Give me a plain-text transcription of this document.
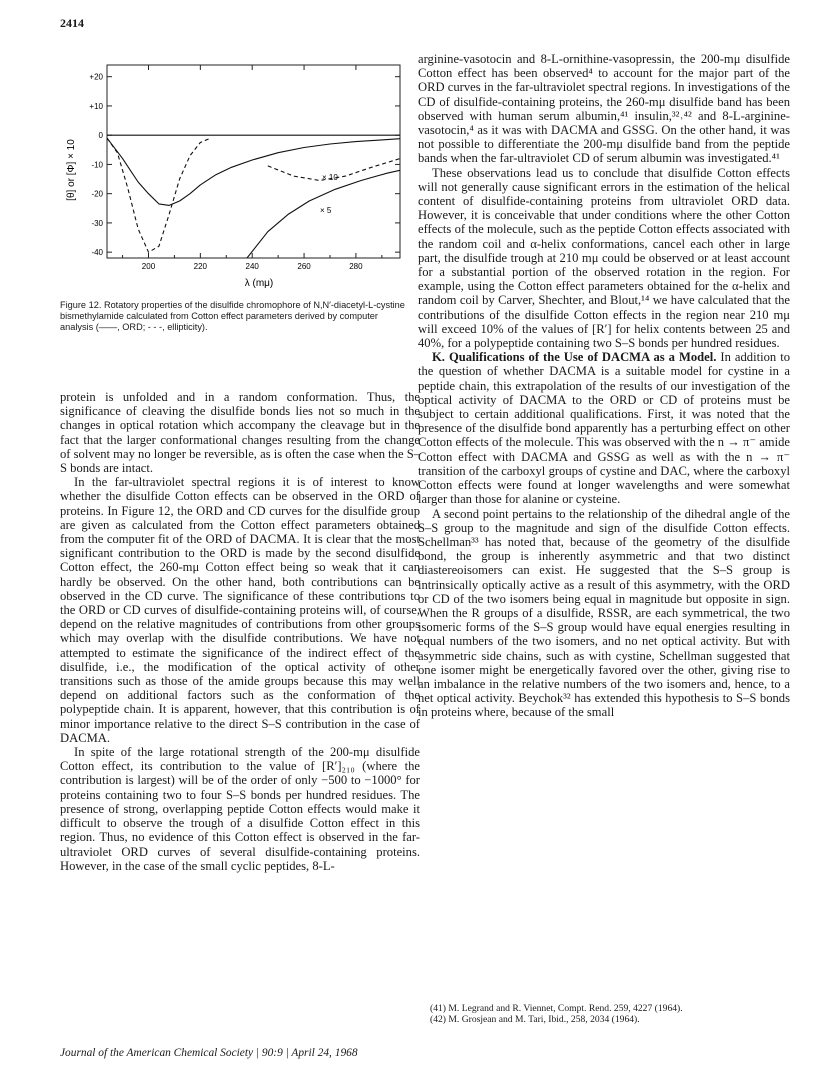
2414
[θ] or [Φ] × 10
λ (mμ)
× 10
× 5
+20
+10
0
-10
-20
-30
-40
200	220	240	260	280
Figure 12. Rotatory properties of the disulfide chromophore of N,N′-diacetyl-L-cystine bismethylamide calculated from Cotton effect parameters derived by computer analysis (——, ORD; - - -, ellipticity).

protein is unfolded and in a random conformation. Thus, the significance of cleaving the disulfide bonds lies not so much in the changes in optical rotation which accompany the cleavage but in the fact that the larger conformational changes resulting from the change of solvent may no longer be reversible, as is often the case when the S–S bonds are intact.

In the far-ultraviolet spectral regions it is of interest to know whether the disulfide Cotton effects can be observed in the ORD of proteins. In Figure 12, the ORD and CD curves for the disulfide group are given as calculated from the Cotton effect parameters obtained from the computer fit of the ORD of DACMA. It is clear that the most significant contribution to the ORD is made by the second disulfide Cotton effect, the 260-mμ Cotton effect being so weak that it can hardly be observed. On the other hand, both contributions can be observed in the CD curve. The significance of these contributions to the ORD or CD curves of disulfide-containing proteins will, of course, depend on the relative magnitudes of contributions from other groups which may overlap with the disulfide contributions. We have not attempted to estimate the significance of the indirect effect of the disulfide, i.e., the modification of the optical activity of other transitions such as those of the amide groups because this may well depend on additional factors such as the conformation of the polypeptide chain. It is apparent, however, that this contribution is of minor importance relative to the direct S–S contribution in the case of DACMA.

In spite of the large rotational strength of the 200-mμ disulfide Cotton effect, its contribution to the value of [R′]₂₁₀ (where the contribution is largest) will be of the order of only −500 to −1000° for proteins containing two to four S–S bonds per hundred residues. The presence of strong, overlapping peptide Cotton effects would make it difficult to observe the trough of a disulfide Cotton effect in this region. Thus, no evidence of this Cotton effect is observed in the far-ultraviolet ORD curves of several disulfide-containing proteins. However, in the case of the small cyclic peptides, 8-L-

arginine-vasotocin and 8-L-ornithine-vasopressin, the 200-mμ disulfide Cotton effect has been observed⁴ to account for the major part of the ORD curves in the far-ultraviolet spectral regions. In investigations of the CD of disulfide-containing proteins, the 260-mμ disulfide band has been observed with human serum albumin,⁴¹ insulin,³²˒⁴² and 8-L-arginine-vasotocin,⁴ as it was with DACMA and GSSG. On the other hand, it was not possible to differentiate the 200-mμ disulfide band from the peptide bands when the far-ultraviolet CD of serum albumin was investigated.⁴¹

These observations lead us to conclude that disulfide Cotton effects will not generally cause significant errors in the estimation of the helical content of disulfide-containing proteins from ultraviolet ORD data. However, it is conceivable that under conditions where the other Cotton effects of the molecule, such as the peptide Cotton effects associated with the random coil and α-helix conformations, cancel each other in large part, the disulfide trough at 210 mμ could be observed or at least account for a substantial portion of the observed rotation in the region. For example, using the Cotton effect parameters obtained for the α-helix and random coil by Carver, Shechter, and Blout,¹⁴ we have calculated that the contributions of the disulfide Cotton effects in the region near 210 mμ will exceed 10% of the values of [R′] for helix contents between 25 and 40%, for a polypeptide containing two S–S bonds per hundred residues.

K. Qualifications of the Use of DACMA as a Model. In addition to the question of whether DACMA is a suitable model for cystine in a peptide chain, this extrapolation of the results of our investigation of the optical activity of DACMA to the ORD or CD of proteins must be subject to certain additional qualifications. First, it was noted that the presence of the disulfide bond apparently has a perturbing effect on other Cotton effects of the molecule. This was observed with the n → π⁻ amide Cotton effect with DACMA and GSSG as well as with the n → π⁻ transition of the carboxyl groups of cystine and DAC, where the carboxyl Cotton effects were found at longer wavelengths and were somewhat larger than those for alanine or cysteine.

A second point pertains to the relationship of the dihedral angle of the S–S group to the magnitude and sign of the disulfide Cotton effects. Schellman³³ has noted that, because of the geometry of the disulfide bond, the group is inherently asymmetric and that two distinct diastereoisomers can exist. He suggested that the S–S group is intrinsically optically active as a result of this asymmetry, with the ORD or CD of the two isomers being equal in magnitude but opposite in sign. When the R groups of a disulfide, RSSR, are each symmetrical, the two isomeric forms of the S–S group would have equal energies resulting in equal numbers of the two isomers, and no net optical activity. But with asymmetric side chains, such as with cystine, Schellman suggested that one isomer might be energetically favored over the other, giving rise to an imbalance in the relative numbers of the two isomers and, hence, to a net optical activity. Beychok³² has extended this hypothesis to S–S bonds in proteins where, because of the small

(41) M. Legrand and R. Viennet, Compt. Rend. 259, 4227 (1964).
(42) M. Grosjean and M. Tari, Ibid., 258, 2034 (1964).
Journal of the American Chemical Society | 90:9 | April 24, 1968
